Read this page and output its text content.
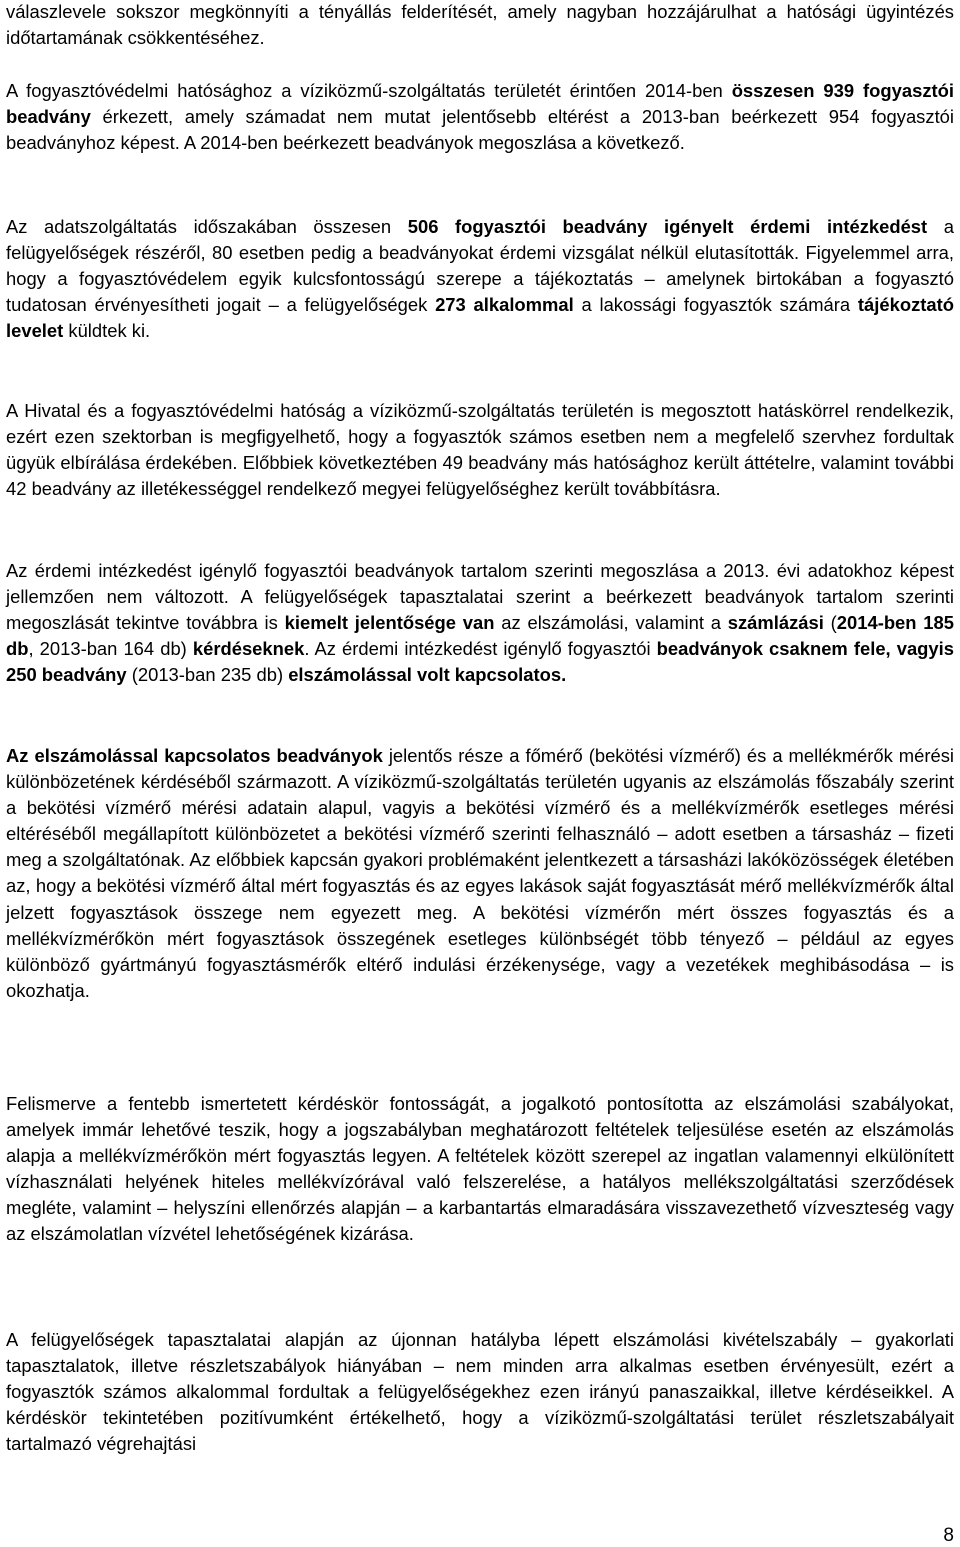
válaszlevele sokszor megkönnyíti a tényállás felderítését, amely nagyban hozzájárulhat a hatósági ügyintézés időtartamának csökkentéséhez.

A fogyasztóvédelmi hatósághoz a víziközmű-szolgáltatás területét érintően 2014-ben összesen 939 fogyasztói beadvány érkezett, amely számadat nem mutat jelentősebb eltérést a 2013-ban beérkezett 954 fogyasztói beadványhoz képest. A 2014-ben beérkezett beadványok megoszlása a következő.

Az adatszolgáltatás időszakában összesen 506 fogyasztói beadvány igényelt érdemi intézkedést a felügyelőségek részéről, 80 esetben pedig a beadványokat érdemi vizsgálat nélkül elutasították. Figyelemmel arra, hogy a fogyasztóvédelem egyik kulcsfontosságú szerepe a tájékoztatás – amelynek birtokában a fogyasztó tudatosan érvényesítheti jogait – a felügyelőségek 273 alkalommal a lakossági fogyasztók számára tájékoztató levelet küldtek ki.

A Hivatal és a fogyasztóvédelmi hatóság a víziközmű-szolgáltatás területén is megosztott hatáskörrel rendelkezik, ezért ezen szektorban is megfigyelhető, hogy a fogyasztók számos esetben nem a megfelelő szervhez fordultak ügyük elbírálása érdekében. Előbbiek következtében 49 beadvány más hatósághoz került áttételre, valamint további 42 beadvány az illetékességgel rendelkező megyei felügyelőséghez került továbbításra.

Az érdemi intézkedést igénylő fogyasztói beadványok tartalom szerinti megoszlása a 2013. évi adatokhoz képest jellemzően nem változott. A felügyelőségek tapasztalatai szerint a beérkezett beadványok tartalom szerinti megoszlását tekintve továbbra is kiemelt jelentősége van az elszámolási, valamint a számlázási (2014-ben 185 db, 2013-ban 164 db) kérdéseknek. Az érdemi intézkedést igénylő fogyasztói beadványok csaknem fele, vagyis 250 beadvány (2013-ban 235 db) elszámolással volt kapcsolatos.

Az elszámolással kapcsolatos beadványok jelentős része a főmérő (bekötési vízmérő) és a mellékmérők mérési különbözetének kérdéséből származott. A víziközmű-szolgáltatás területén ugyanis az elszámolás főszabály szerint a bekötési vízmérő mérési adatain alapul, vagyis a bekötési vízmérő és a mellékvízmérők esetleges mérési eltéréséből megállapított különbözetet a bekötési vízmérő szerinti felhasználó – adott esetben a társasház – fizeti meg a szolgáltatónak. Az előbbiek kapcsán gyakori problémaként jelentkezett a társasházi lakóközösségek életében az, hogy a bekötési vízmérő által mért fogyasztás és az egyes lakások saját fogyasztását mérő mellékvízmérők által jelzett fogyasztások összege nem egyezett meg. A bekötési vízmérőn mért összes fogyasztás és a mellékvízmérőkön mért fogyasztások összegének esetleges különbségét több tényező – például az egyes különböző gyártmányú fogyasztásmérők eltérő indulási érzékenysége, vagy a vezetékek meghibásodása – is okozhatja.

Felismerve a fentebb ismertetett kérdéskör fontosságát, a jogalkotó pontosította az elszámolási szabályokat, amelyek immár lehetővé teszik, hogy a jogszabályban meghatározott feltételek teljesülése esetén az elszámolás alapja a mellékvízmérőkön mért fogyasztás legyen. A feltételek között szerepel az ingatlan valamennyi elkülönített vízhasználati helyének hiteles mellékvízórával való felszerelése, a hatályos mellékszolgáltatási szerződések megléte, valamint – helyszíni ellenőrzés alapján – a karbantartás elmaradására visszavezethető vízveszteség vagy az elszámolatlan vízvétel lehetőségének kizárása.

A felügyelőségek tapasztalatai alapján az újonnan hatályba lépett elszámolási kivételszabály – gyakorlati tapasztalatok, illetve részletszabályok hiányában – nem minden arra alkalmas esetben érvényesült, ezért a fogyasztók számos alkalommal fordultak a felügyelőségekhez ezen irányú panaszaikkal, illetve kérdéseikkel. A kérdéskör tekintetében pozitívumként értékelhető, hogy a víziközmű-szolgáltatási terület részletszabályait tartalmazó végrehajtási

8
